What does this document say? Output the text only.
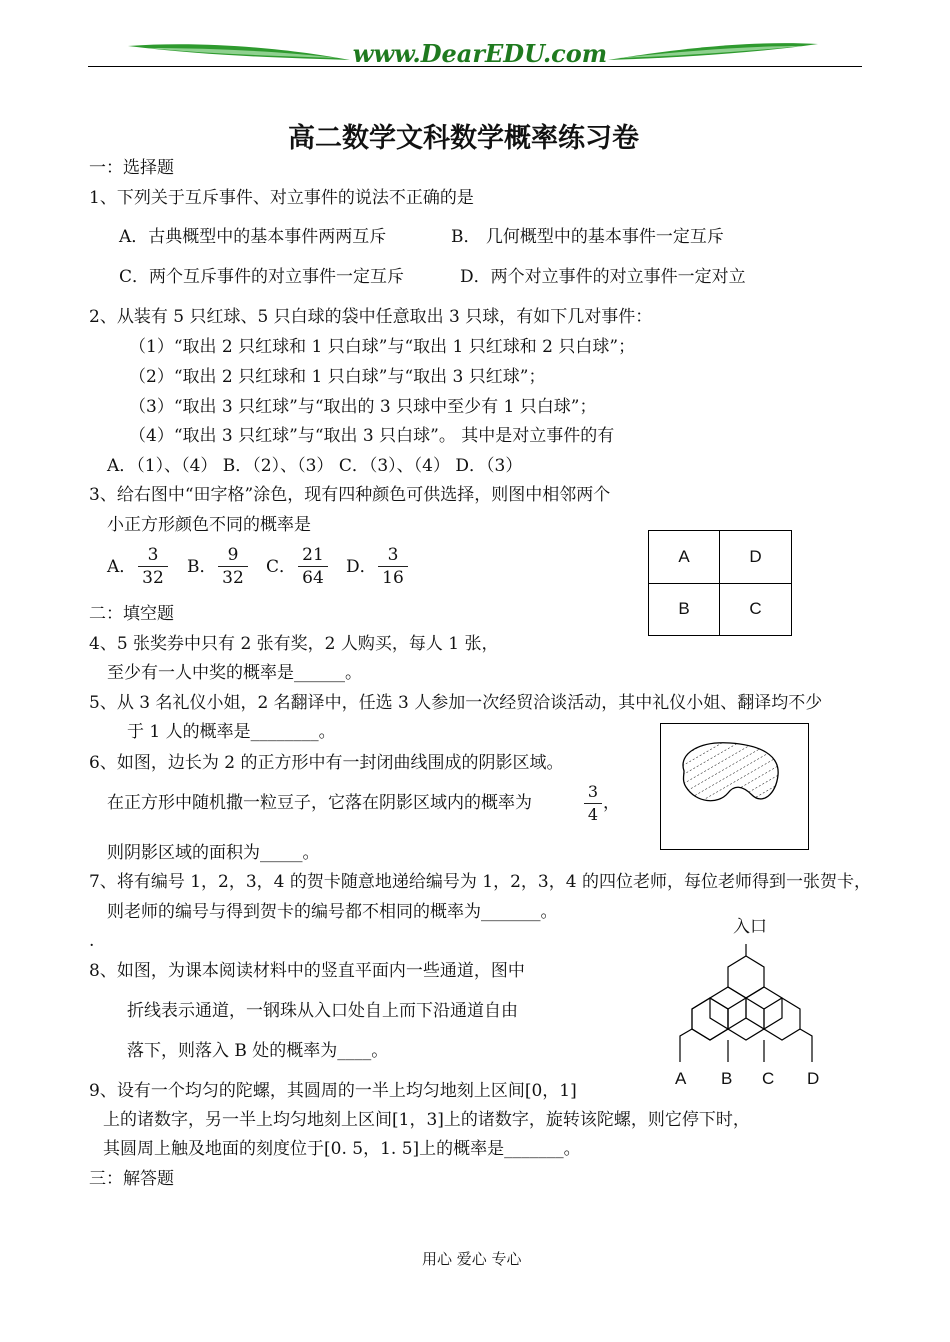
www.DearEDU.com
高二数学文科数学概率练习卷
一：选择题
1、下列关于互斥事件、对立事件的说法不正确的是
A．古典概型中的基本事件两两互斥	B． 几何概型中的基本事件一定互斥
C．两个互斥事件的对立事件一定互斥	D．两个对立事件的对立事件一定对立
2、从装有 5 只红球、5 只白球的袋中任意取出 3 只球，有如下几对事件：
（1）“取出 2 只红球和 1 只白球”与“取出 1 只红球和 2 只白球”；
（2）“取出 2 只红球和 1 只白球”与“取出 3 只红球”；
（3）“取出 3 只红球”与“取出的 3 只球中至少有 1 只白球”；
（4）“取出 3 只红球”与“取出 3 只白球”。 其中是对立事件的有
A．（1）、（4） B．（2）、（3） C．（3）、（4） D．（3）
3、给右图中“田字格”涂色，现有四种颜色可供选择，则图中相邻两个
小正方形颜色不同的概率是
A．
3
32
B．
9
32
C．
21
64
D．
3
16
A	D
B	C
二：填空题
4、5 张奖券中只有 2 张有奖，2 人购买，每人 1 张，
至少有一人中奖的概率是______。
5、从 3 名礼仪小姐，2 名翻译中，任选 3 人参加一次经贸洽谈活动，其中礼仪小姐、翻译均不少
于 1 人的概率是________。
6、如图，边长为 2 的正方形中有一封闭曲线围成的阴影区域。
在正方形中随机撒一粒豆子，它落在阴影区域内的概率为
3
4
，
则阴影区域的面积为_____。
7、将有编号 1，2，3，4 的贺卡随意地递给编号为 1，2，3，4 的四位老师，每位老师得到一张贺卡，
则老师的编号与得到贺卡的编号都不相同的概率为_______。
.
8、如图，为课本阅读材料中的竖直平面内一些通道，图中
折线表示通道，一钢珠从入口处自上而下沿通道自由
落下，则落入 B 处的概率为____。
入口
A B C D
9、设有一个均匀的陀螺，其圆周的一半上均匀地刻上区间[0，1]
上的诸数字，另一半上均匀地刻上区间[1，3]上的诸数字，旋转该陀螺，则它停下时，
其圆周上触及地面的刻度位于[0. 5，1. 5]上的概率是_______。
三：解答题
用心 爱心 专心
